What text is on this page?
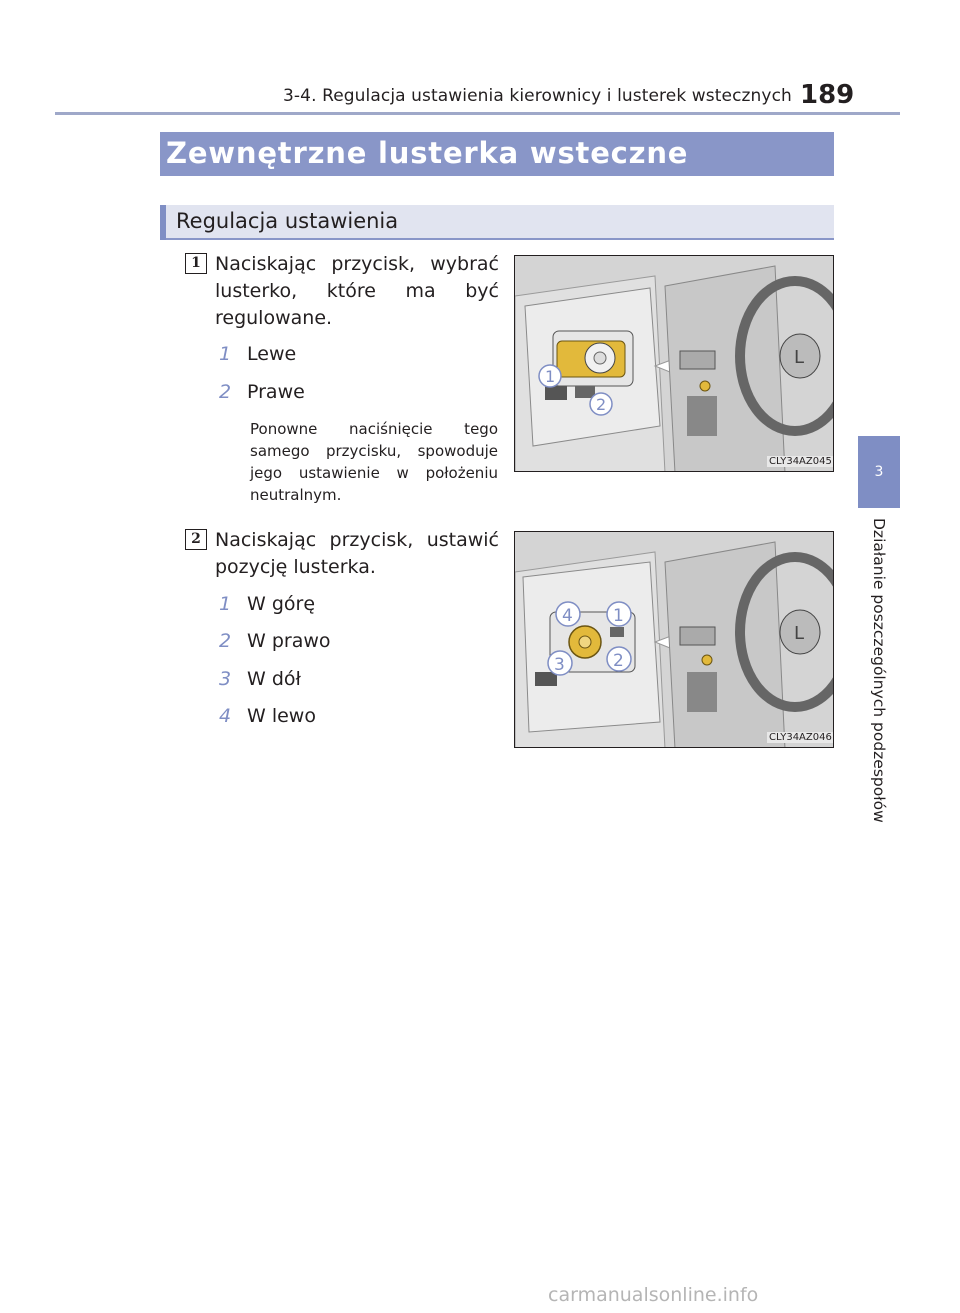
3-4. Regulacja ustawienia kierownicy i lusterek wstecznych 189
3
Działanie poszczególnych podzespołów
Zewnętrzne lusterka wsteczne
Regulacja ustawienia
1 Naciskając przycisk, wybrać lusterko, które ma być regulowane.
1 Lewe
2 Prawe
Ponowne naciśnięcie tego samego przycisku, spowoduje jego ustawienie w położeniu neutralnym.
L
1
2
CLY34AZ045
2 Naciskając przycisk, ustawić pozycję lusterka.
1 W górę
2 W prawo
3 W dół
4 W lewo
L
4 1
3	2
CLY34AZ046
carmanualsonline.info
